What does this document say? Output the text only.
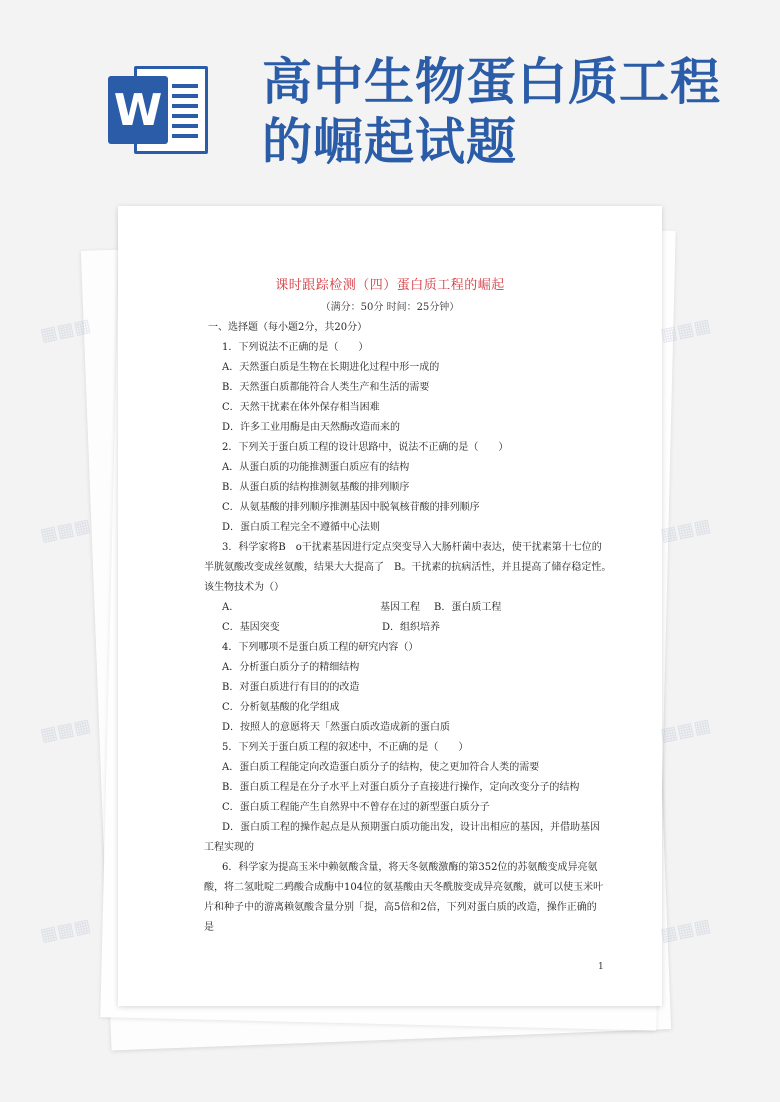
W 高中生物蛋白质工程的崛起试题
课时跟踪检测（四）蛋白质工程的崛起
（满分：50分 时间：25分钟）
一、选择题（每小题2分，共20分）
1．下列说法不正确的是（　　）
A．天然蛋白质是生物在长期进化过程中形一成的
B．天然蛋白质都能符合人类生产和生活的需要
C．天然干扰素在体外保存相当困难
D．许多工业用酶是由天然酶改造而来的
2．下列关于蛋白质工程的设计思路中，说法不正确的是（　　）
A．从蛋白质的功能推测蛋白质应有的结构
B．从蛋白质的结构推测氨基酸的排列顺序
C．从氨基酸的排列顺序推测基因中脱氧核苷酸的排列顺序
D．蛋白质工程完全不遵循中心法则
3．科学家将B　o干扰素基因进行定点突变导入大肠杆菌中表达，使干扰素第十七位的
半胱氨酸改变成丝氨酸，结果大大提高了　B。干扰素的抗病活性，并且提高了储存稳定性。
该生物技术为（）
A.	基因工程 B．蛋白质工程
C．基因突变	D．组织培养
4．下列哪项不是蛋白质工程的研究内容（）
A．分析蛋白质分子的精细结构
B．对蛋白质进行有目的的改造
C．分析氨基酸的化学组成
D．按照人的意愿将天「然蛋白质改造成新的蛋白质
5．下列关于蛋白质工程的叙述中，不正确的是（　　）
A．蛋白质工程能定向改造蛋白质分子的结构，使之更加符合人类的需要
B．蛋白质工程是在分子水平上对蛋白质分子直接进行操作，定向改变分子的结构
C．蛋白质工程能产生自然界中不曾存在过的新型蛋白质分子
D．蛋白质工程的操作起点是从预期蛋白质功能出发，设计出相应的基因，并借助基因
工程实现的
6．科学家为提高玉米中赖氨酸含量，将天冬氨酸激酶的第352位的苏氨酸变成异亮氨
酸，将二氢吡啶二鹀酸合成酶中104位的氨基酸由天冬酰胺变成异亮氨酸，就可以使玉米叶
片和种子中的游离赖氨酸含量分别「提，高5倍和2倍，下列对蛋白质的改造，操作正确的
是
1
▦▦▦	▦▦▦
▦▦▦	▦▦▦
▦▦▦	▦▦▦
▦▦▦	▦▦▦
